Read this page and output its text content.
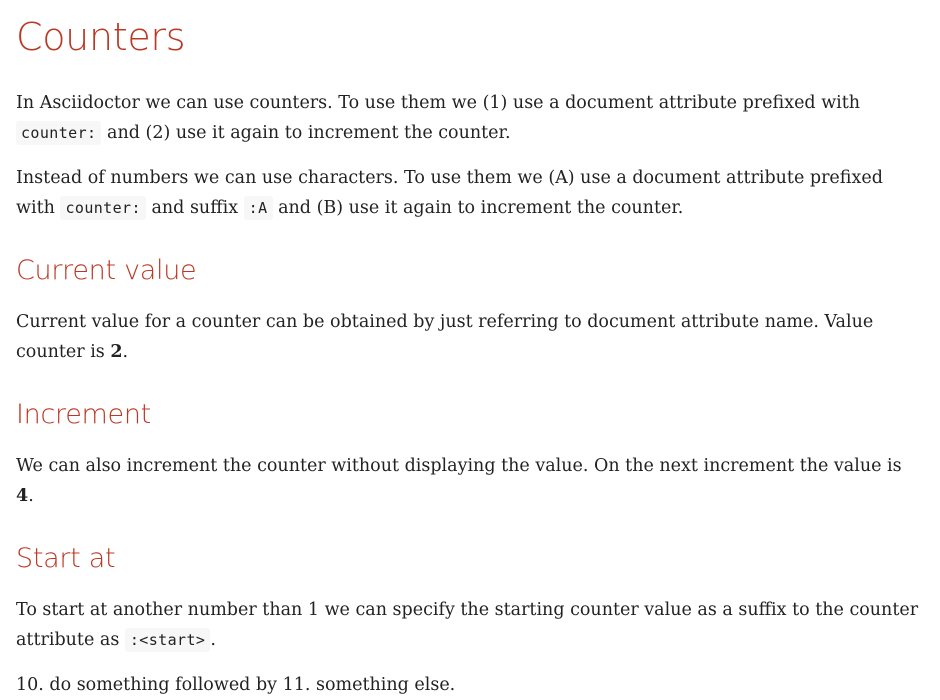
Counters

In Asciidoctor we can use counters. To use them we (1) use a document attribute prefixed with counter: and (2) use it again to increment the counter.

Instead of numbers we can use characters. To use them we (A) use a document attribute prefixed with counter: and suffix :A and (B) use it again to increment the counter.

Current value

Current value for a counter can be obtained by just referring to document attribute name. Value counter is 2.

Increment

We can also increment the counter without displaying the value. On the next increment the value is 4.

Start at

To start at another number than 1 we can specify the starting counter value as a suffix to the counter attribute as :<start> .

10. do something followed by 11. something else.
